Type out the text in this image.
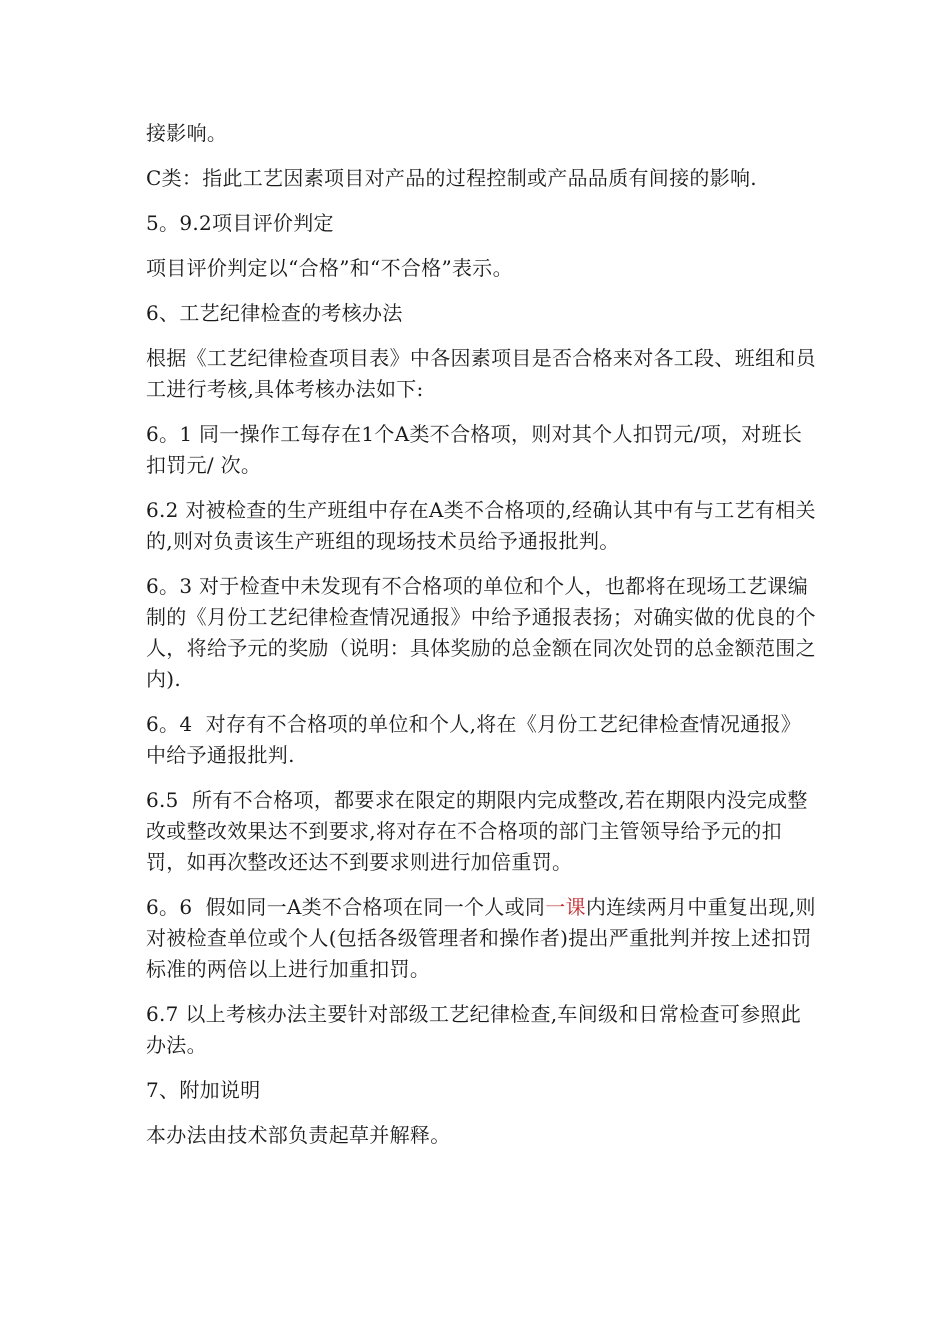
接影响。

C类：指此工艺因素项目对产品的过程控制或产品品质有间接的影响.

5。9.2项目评价判定

项目评价判定以“合格”和“不合格”表示。

6、工艺纪律检查的考核办法

根据《工艺纪律检查项目表》中各因素项目是否合格来对各工段、班组和员工进行考核,具体考核办法如下:

6。1 同一操作工每存在1个A类不合格项，则对其个人扣罚元/项，对班长扣罚元/ 次。

6.2 对被检查的生产班组中存在A类不合格项的,经确认其中有与工艺有相关的,则对负责该生产班组的现场技术员给予通报批判。

6。3 对于检查中未发现有不合格项的单位和个人，也都将在现场工艺课编制的《月份工艺纪律检查情况通报》中给予通报表扬；对确实做的优良的个人，将给予元的奖励（说明：具体奖励的总金额在同次处罚的总金额范围之内).

6。4  对存有不合格项的单位和个人,将在《月份工艺纪律检查情况通报》中给予通报批判.

6.5  所有不合格项，都要求在限定的期限内完成整改,若在期限内没完成整改或整改效果达不到要求,将对存在不合格项的部门主管领导给予元的扣罚，如再次整改还达不到要求则进行加倍重罚。

6。6  假如同一A类不合格项在同一个人或同一课内连续两月中重复出现,则对被检查单位或个人(包括各级管理者和操作者)提出严重批判并按上述扣罚标准的两倍以上进行加重扣罚。

6.7 以上考核办法主要针对部级工艺纪律检查,车间级和日常检查可参照此办法。

7、附加说明

本办法由技术部负责起草并解释。
